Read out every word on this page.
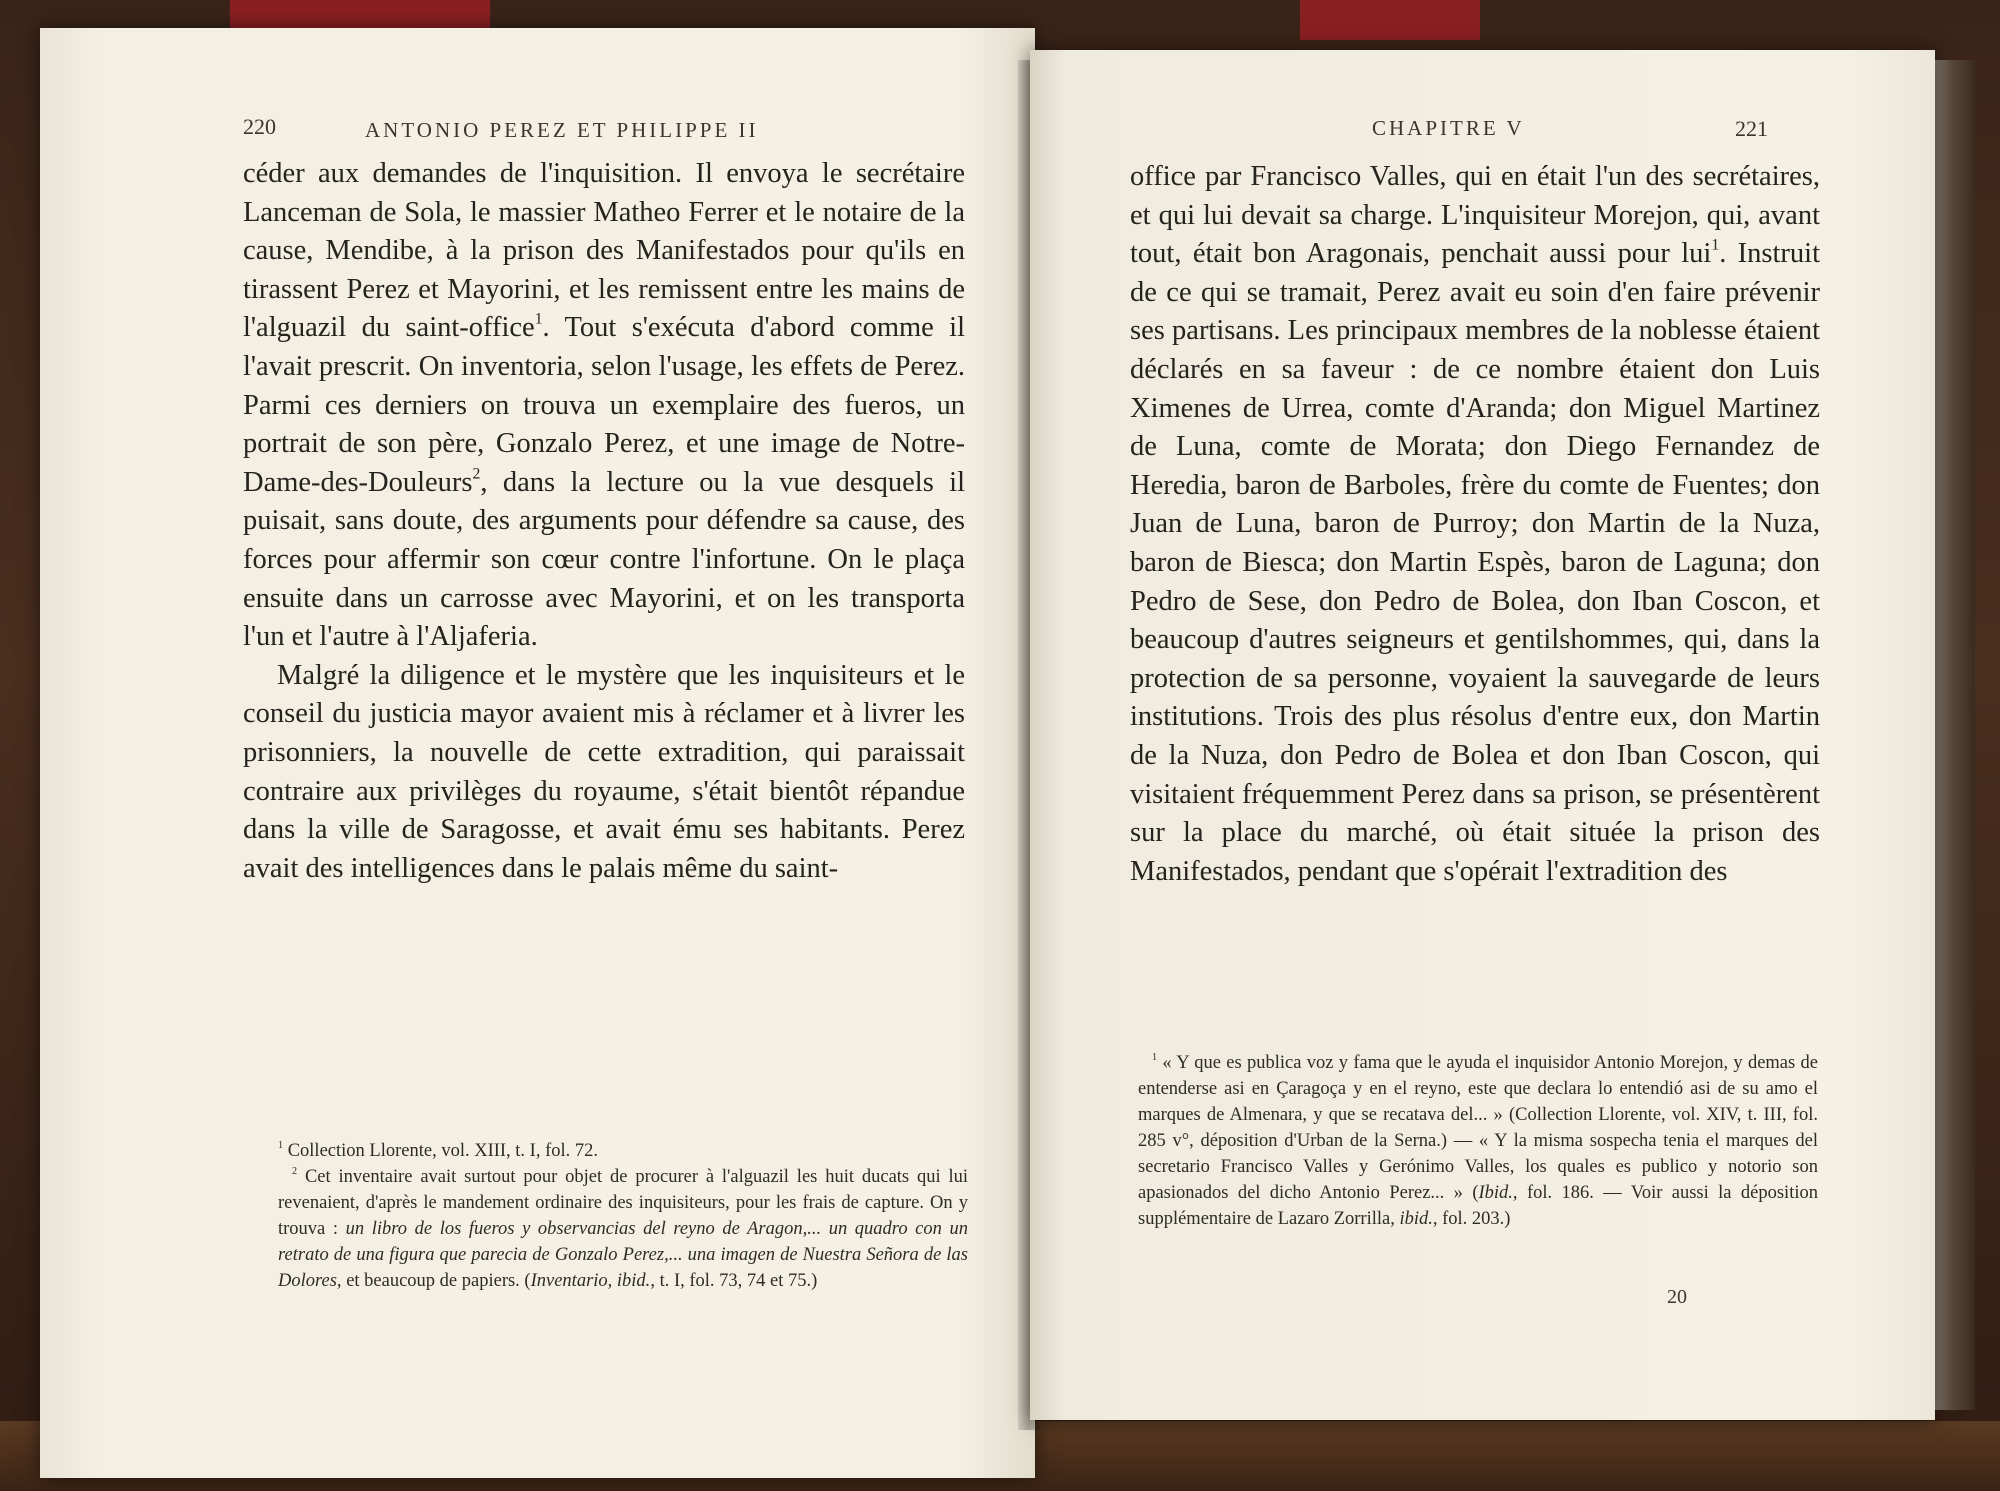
220	ANTONIO PEREZ ET PHILIPPE II

céder aux demandes de l'inquisition. Il envoya le secrétaire Lanceman de Sola, le massier Matheo Ferrer et le notaire de la cause, Mendibe, à la prison des Manifestados pour qu'ils en tirassent Perez et Mayorini, et les remissent entre les mains de l'alguazil du saint-office$^1$. Tout s'exécuta d'abord comme il l'avait prescrit. On inventoria, selon l'usage, les effets de Perez. Parmi ces derniers on trouva un exemplaire des fueros, un portrait de son père, Gonzalo Perez, et une image de Notre-Dame-des-Douleurs$^2$, dans la lecture ou la vue desquels il puisait, sans doute, des arguments pour défendre sa cause, des forces pour affermir son cœur contre l'infortune. On le plaça ensuite dans un carrosse avec Mayorini, et on les transporta l'un et l'autre à l'Aljaferia.

Malgré la diligence et le mystère que les inquisiteurs et le conseil du justicia mayor avaient mis à réclamer et à livrer les prisonniers, la nouvelle de cette extradition, qui paraissait contraire aux privilèges du royaume, s'était bientôt répandue dans la ville de Saragosse, et avait ému ses habitants. Perez avait des intelligences dans le palais même du saint-

$^1$ Collection Llorente, vol. XIII, t. I, fol. 72.

$^2$ Cet inventaire avait surtout pour objet de procurer à l'alguazil les huit ducats qui lui revenaient, d'après le mandement ordinaire des inquisiteurs, pour les frais de capture. On y trouva : un libro de los fueros y observancias del reyno de Aragon,... un quadro con un retrato de una figura que parecia de Gonzalo Perez,... una imagen de Nuestra Señora de las Dolores, et beaucoup de papiers. (Inventario, ibid., t. I, fol. 73, 74 et 75.)

CHAPITRE V	221

office par Francisco Valles, qui en était l'un des secrétaires, et qui lui devait sa charge. L'inquisiteur Morejon, qui, avant tout, était bon Aragonais, penchait aussi pour lui$^1$. Instruit de ce qui se tramait, Perez avait eu soin d'en faire prévenir ses partisans. Les principaux membres de la noblesse étaient déclarés en sa faveur : de ce nombre étaient don Luis Ximenes de Urrea, comte d'Aranda; don Miguel Martinez de Luna, comte de Morata; don Diego Fernandez de Heredia, baron de Barboles, frère du comte de Fuentes; don Juan de Luna, baron de Purroy; don Martin de la Nuza, baron de Biesca; don Martin Espès, baron de Laguna; don Pedro de Sese, don Pedro de Bolea, don Iban Coscon, et beaucoup d'autres seigneurs et gentilshommes, qui, dans la protection de sa personne, voyaient la sauvegarde de leurs institutions. Trois des plus résolus d'entre eux, don Martin de la Nuza, don Pedro de Bolea et don Iban Coscon, qui visitaient fréquemment Perez dans sa prison, se présentèrent sur la place du marché, où était située la prison des Manifestados, pendant que s'opérait l'extradition des

$^1$ « Y que es publica voz y fama que le ayuda el inquisidor Antonio Morejon, y demas de entenderse asi en Çaragoça y en el reyno, este que declara lo entendió asi de su amo el marques de Almenara, y que se recatava del... » (Collection Llorente, vol. XIV, t. III, fol. 285 v°, déposition d'Urban de la Serna.) — « Y la misma sospecha tenia el marques del secretario Francisco Valles y Gerónimo Valles, los quales es publico y notorio son apasionados del dicho Antonio Perez... » (Ibid., fol. 186. — Voir aussi la déposition supplémentaire de Lazaro Zorrilla, ibid., fol. 203.)

20
